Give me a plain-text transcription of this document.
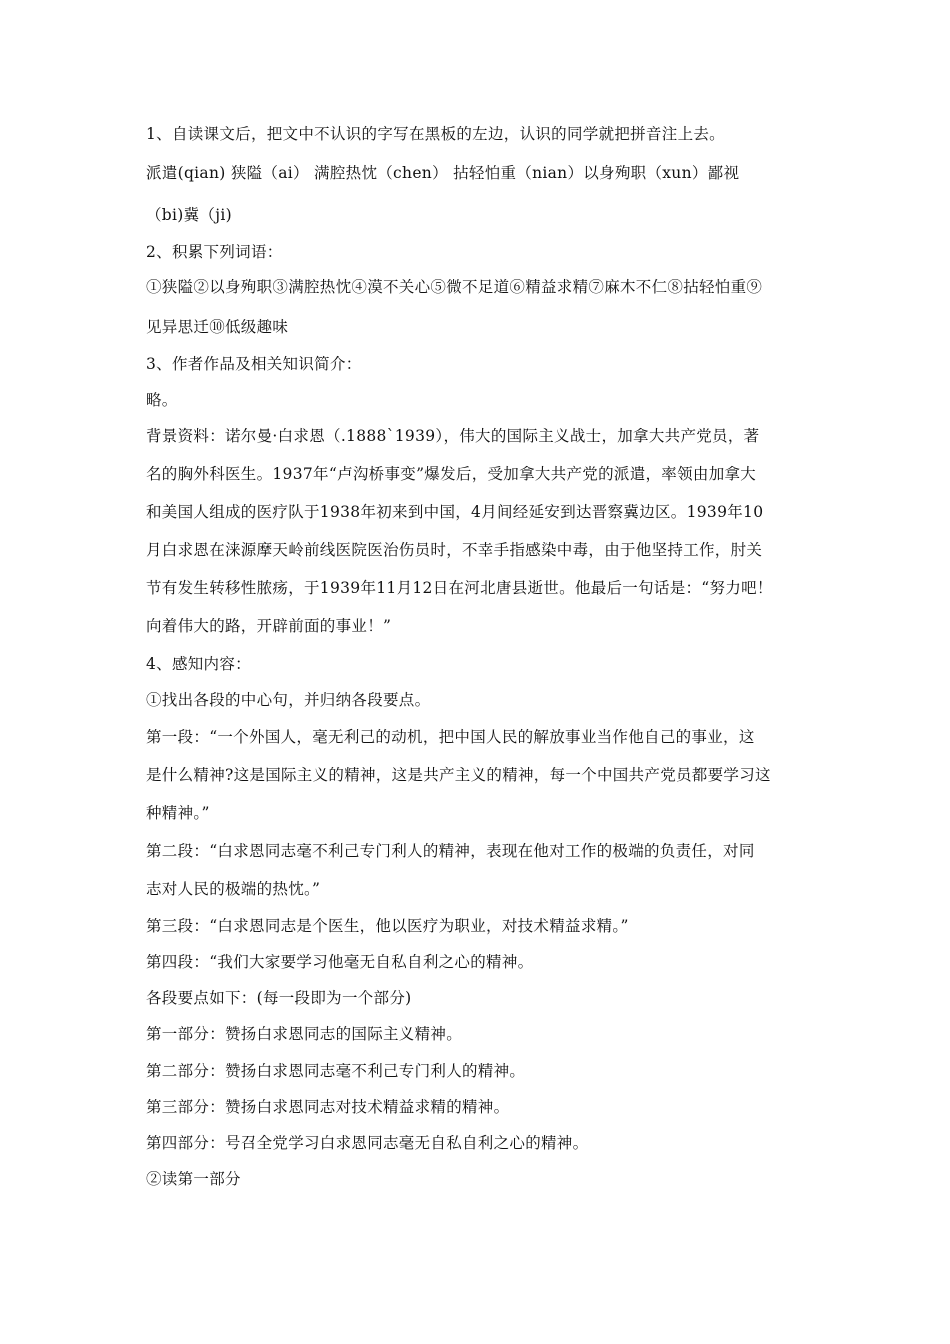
1、自读课文后，把文中不认识的字写在黑板的左边，认识的同学就把拼音注上去。
派遣(qian) 狭隘（ai） 满腔热忱（chen） 拈轻怕重（nian）以身殉职（xun）鄙视
（bi)冀（ji)
2、积累下列词语：
①狭隘②以身殉职③满腔热忱④漠不关心⑤微不足道⑥精益求精⑦麻木不仁⑧拈轻怕重⑨
见异思迁⑩低级趣味
3、作者作品及相关知识简介：
略。
背景资料：诺尔曼·白求恩（.1888`1939），伟大的国际主义战士，加拿大共产党员，著
名的胸外科医生。1937年“卢沟桥事变”爆发后，受加拿大共产党的派遣，率领由加拿大
和美国人组成的医疗队于1938年初来到中国，4月间经延安到达晋察冀边区。1939年10
月白求恩在涞源摩天岭前线医院医治伤员时，不幸手指感染中毒，由于他坚持工作，肘关
节有发生转移性脓疡，于1939年11月12日在河北唐县逝世。他最后一句话是：“努力吧！
向着伟大的路，开辟前面的事业！”
4、感知内容：
①找出各段的中心句，并归纳各段要点。
第一段：“一个外国人，毫无利己的动机，把中国人民的解放事业当作他自己的事业，这
是什么精神?这是国际主义的精神，这是共产主义的精神，每一个中国共产党员都要学习这
种精神。”
第二段：“白求恩同志毫不利己专门利人的精神，表现在他对工作的极端的负责任，对同
志对人民的极端的热忱。”
第三段：“白求恩同志是个医生，他以医疗为职业，对技术精益求精。”
第四段：“我们大家要学习他毫无自私自利之心的精神。
各段要点如下：(每一段即为一个部分)
第一部分：赞扬白求恩同志的国际主义精神。
第二部分：赞扬白求恩同志毫不利己专门利人的精神。
第三部分：赞扬白求恩同志对技术精益求精的精神。
第四部分：号召全党学习白求恩同志毫无自私自利之心的精神。
②读第一部分
